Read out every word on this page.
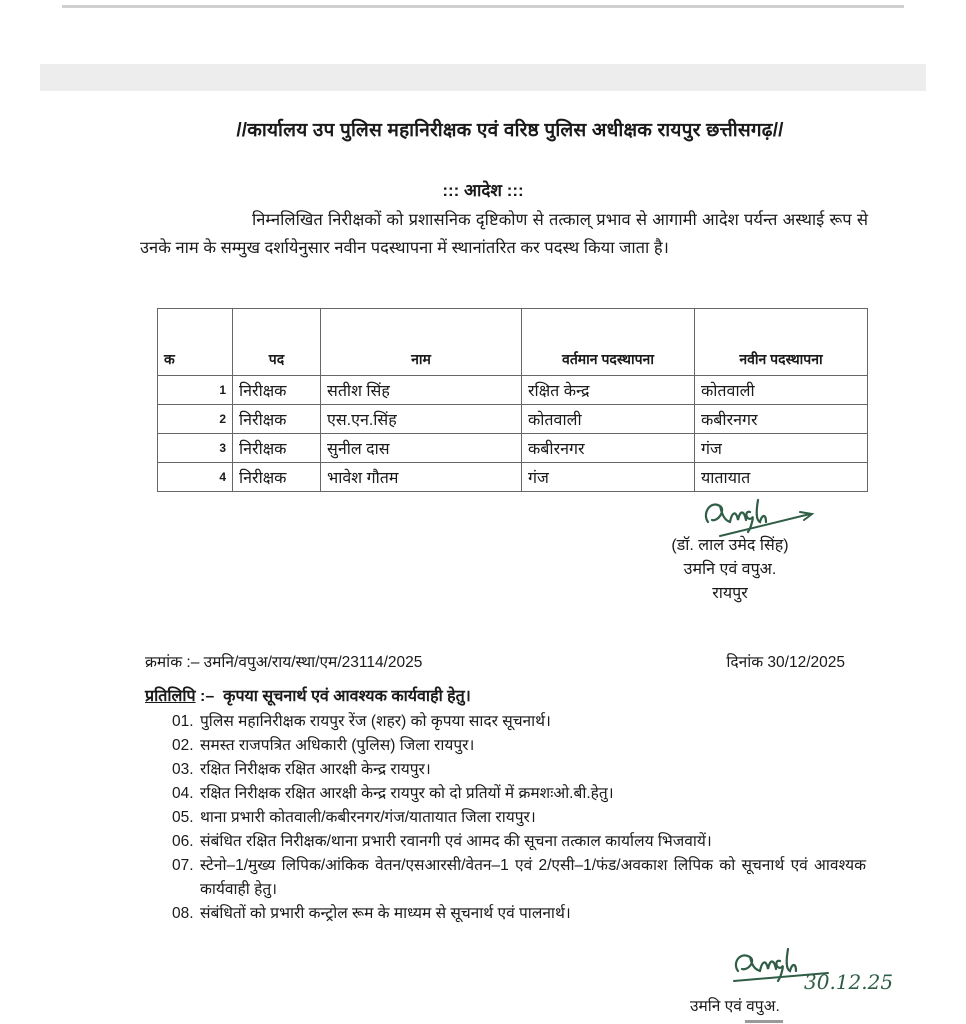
//कार्यालय उप पुलिस महानिरीक्षक एवं वरिष्ठ पुलिस अधीक्षक रायपुर छत्तीसगढ़//
::: आदेश :::
निम्नलिखित निरीक्षकों को प्रशासनिक दृष्टिकोण से तत्काल् प्रभाव से आगामी आदेश पर्यन्त अस्थाई रूप से उनके नाम के सम्मुख दर्शायेनुसार नवीन पदस्थापना में स्थानांतरित कर पदस्थ किया जाता है।
क	पद	नाम	वर्तमान पदस्थापना	नवीन पदस्थापना
1	निरीक्षक	सतीश सिंह	रक्षित केन्द्र	कोतवाली
2	निरीक्षक	एस.एन.सिंह	कोतवाली	कबीरनगर
3	निरीक्षक	सुनील दास	कबीरनगर	गंज
4	निरीक्षक	भावेश गौतम	गंज	यातायात
(डॉ. लाल उमेद सिंह)
उमनि एवं वपुअ.
रायपुर
क्रमांक :– उमनि/वपुअ/राय/स्था/एम/23114/2025	दिनांक 30/12/2025
प्रतिलिपि :–  कृपया सूचनार्थ एवं आवश्यक कार्यवाही हेतु।
01. पुलिस महानिरीक्षक रायपुर रेंज (शहर) को कृपया सादर सूचनार्थ।
02. समस्त राजपत्रित अधिकारी (पुलिस) जिला रायपुर।
03. रक्षित निरीक्षक रक्षित आरक्षी केन्द्र रायपुर।
04. रक्षित निरीक्षक रक्षित आरक्षी केन्द्र रायपुर को दो प्रतियों में क्रमशःओ.बी.हेतु।
05. थाना प्रभारी कोतवाली/कबीरनगर/गंज/यातायात जिला रायपुर।
06. संबंधित रक्षित निरीक्षक/थाना प्रभारी रवानगी एवं आमद की सूचना तत्काल कार्यालय भिजवायें।
07. स्टेनो–1/मुख्य लिपिक/आंकिक वेतन/एसआरसी/वेतन–1 एवं 2/एसी–1/फंड/अवकाश लिपिक को सूचनार्थ एवं आवश्यक कार्यवाही हेतु।
08. संबंधितों को प्रभारी कन्ट्रोल रूम के माध्यम से सूचनार्थ एवं पालनार्थ।
30.12.25
उमनि एवं वपुअ.
